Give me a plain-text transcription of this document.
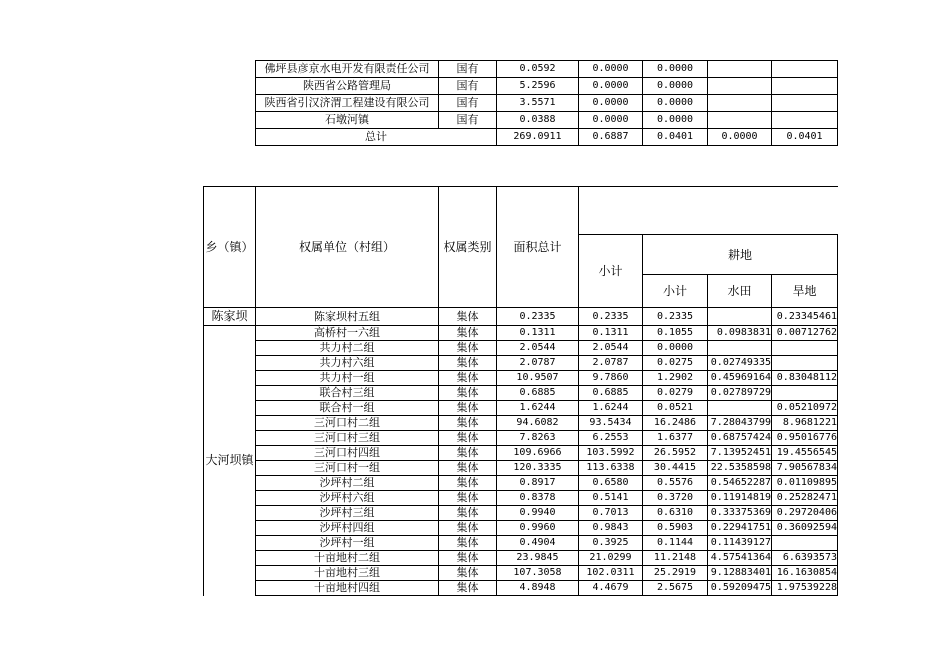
佛坪县彦京水电开发有限责任公司	国有	0.0592	0.0000	0.0000		
陕西省公路管理局	国有	5.2596	0.0000	0.0000		
陕西省引汉济渭工程建设有限公司	国有	3.5571	0.0000	0.0000		
石墩河镇	国有	0.0388	0.0000	0.0000		
总计		269.0911	0.6887	0.0401	0.0000	0.0401
乡（镇）	权属单位（村组）	权属类别	面积总计				
				小计	耕地		
					小计	水田	旱地
陈家坝	陈家坝村五组	集体	0.2335	0.2335	0.2335		0.23345461
大河坝镇	高桥村一六组	集体	0.1311	0.1311	0.1055	0.0983831	0.00712762
	共力村二组	集体	2.0544	2.0544	0.0000		
	共力村六组	集体	2.0787	2.0787	0.0275	0.02749335	
	共力村一组	集体	10.9507	9.7860	1.2902	0.45969164	0.83048112
	联合村三组	集体	0.6885	0.6885	0.0279	0.02789729	
	联合村一组	集体	1.6244	1.6244	0.0521		0.05210972
	三河口村二组	集体	94.6082	93.5434	16.2486	7.28043799	8.9681221
	三河口村三组	集体	7.8263	6.2553	1.6377	0.68757424	0.95016776
	三河口村四组	集体	109.6966	103.5992	26.5952	7.13952451	19.4556545
	三河口村一组	集体	120.3335	113.6338	30.4415	22.5358598	7.90567834
	沙坪村二组	集体	0.8917	0.6580	0.5576	0.54652287	0.01109895
	沙坪村六组	集体	0.8378	0.5141	0.3720	0.11914819	0.25282471
	沙坪村三组	集体	0.9940	0.7013	0.6310	0.33375369	0.29720406
	沙坪村四组	集体	0.9960	0.9843	0.5903	0.22941751	0.36092594
	沙坪村一组	集体	0.4904	0.3925	0.1144	0.11439127	
	十亩地村二组	集体	23.9845	21.0299	11.2148	4.57541364	6.6393573
	十亩地村三组	集体	107.3058	102.0311	25.2919	9.12883401	16.1630854
	十亩地村四组	集体	4.8948	4.4679	2.5675	0.59209475	1.97539228
